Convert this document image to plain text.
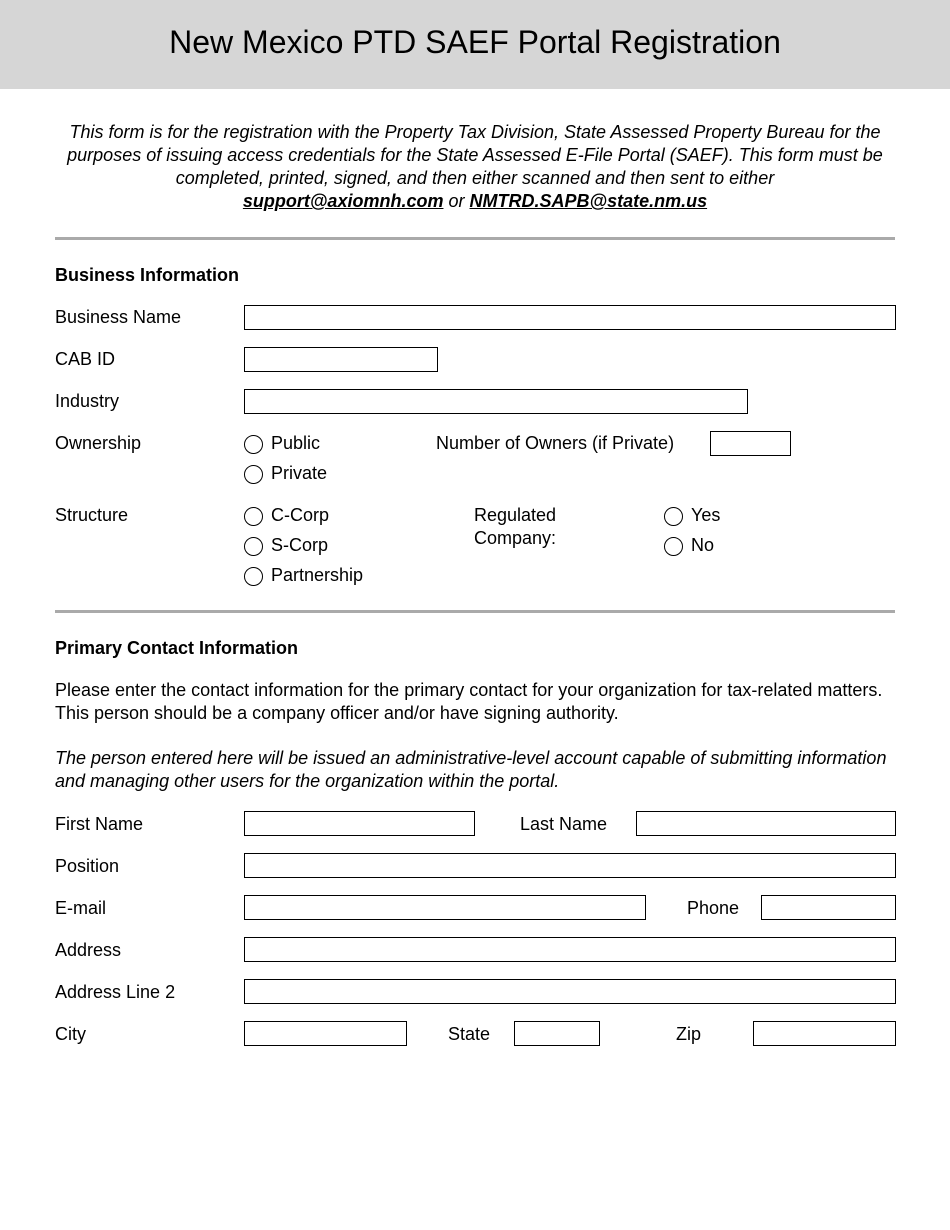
New Mexico PTD SAEF Portal Registration
This form is for the registration with the Property Tax Division, State Assessed Property Bureau for the purposes of issuing access credentials for the State Assessed E-File Portal (SAEF). This form must be completed, printed, signed, and then either scanned and then sent to either
support@axiomnh.com or NMTRD.SAPB@state.nm.us
Business Information
Business Name
CAB ID
Industry
Ownership	Public
Private
Number of Owners (if Private)
Structure	C-Corp
S-Corp
Partnership
Regulated
Company:
Yes
No
Primary Contact Information
Please enter the contact information for the primary contact for your organization for tax-related matters. This person should be a company officer and/or have signing authority.
The person entered here will be issued an administrative-level account capable of submitting information and managing other users for the organization within the portal.
First Name	Last Name
Position
E-mail	Phone
Address
Address Line 2
City	State	Zip
